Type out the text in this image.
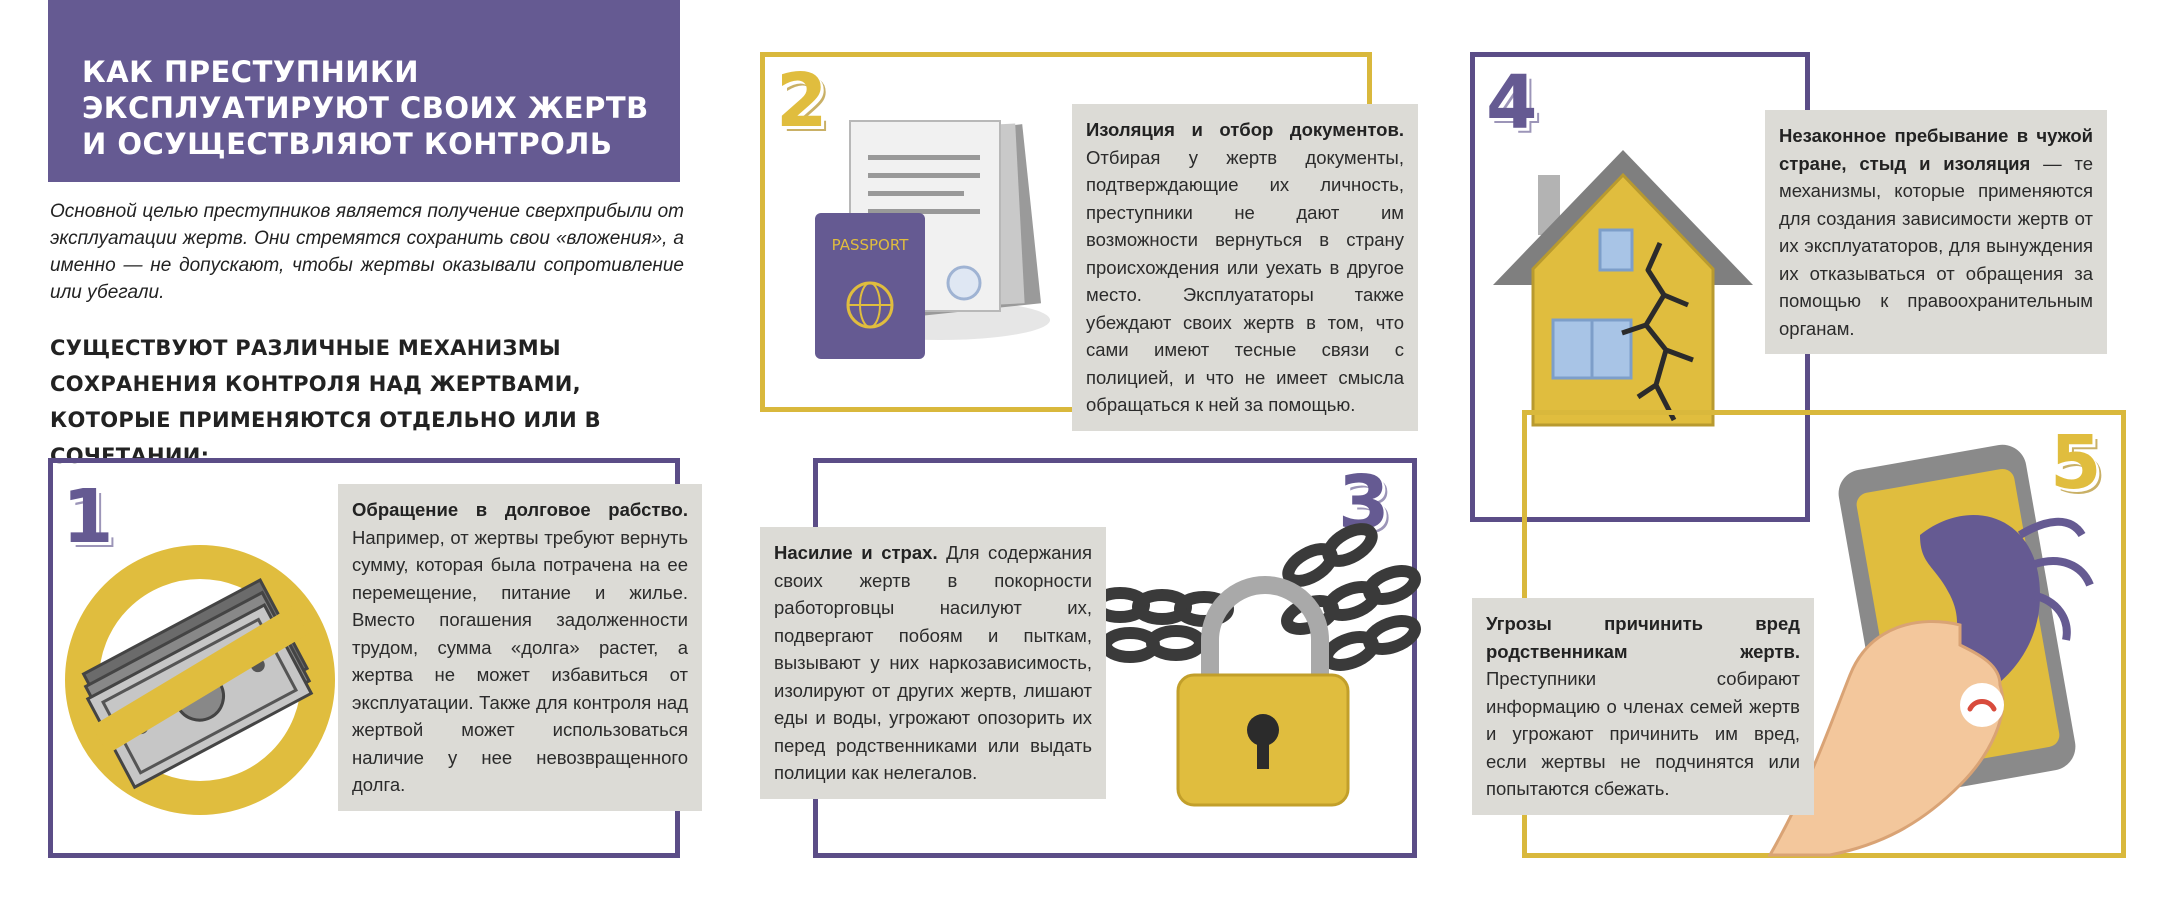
КАК ПРЕСТУПНИКИ
ЭКСПЛУАТИРУЮТ СВОИХ ЖЕРТВ
И ОСУЩЕСТВЛЯЮТ КОНТРОЛЬ
Основной целью преступников является получение сверхприбыли от эксплуатации жертв. Они стремятся сохранить свои «вложения», а именно — не допускают, чтобы жертвы оказывали сопротивление или убегали.
СУЩЕСТВУЮТ РАЗЛИЧНЫЕ МЕХАНИЗМЫ СОХРАНЕНИЯ КОНТРОЛЯ НАД ЖЕРТВАМИ, КОТОРЫЕ ПРИМЕНЯЮТСЯ ОТДЕЛЬНО ИЛИ В СОЧЕТАНИИ:
1	Обращение в долговое рабство. Например, от жертвы требуют вернуть сумму, которая была потрачена на ее перемещение, питание и жилье. Вместо погашения задолженности трудом, сумма «долга» растет, а жертва не может избавиться от эксплуатации. Также для контроля над жертвой может использоваться наличие у нее невозвращенного долга.
2
PASSPORT
Изоляция и отбор документов. Отбирая у жертв документы, подтверждающие их личность, преступники не дают им возможности вернуться в страну происхождения или уехать в другое место. Эксплуататоры также убеждают своих жертв в том, что сами имеют тесные связи с полицией, и что не имеет смысла обращаться к ней за помощью.
3
Насилие и страх. Для содержания своих жертв в покорности работорговцы насилуют их, подвергают побоям и пыткам, вызывают у них наркозависимость, изолируют от других жертв, лишают еды и воды, угрожают опозорить их перед родственниками или выдать полиции как нелегалов.
4	Незаконное пребывание в чужой стране, стыд и изоляция — те механизмы, которые применяются для создания зависимости жертв от их эксплуататоров, для вынуждения их отказываться от обращения за помощью к правоохранительным органам.
5
Угрозы причинить вред родственникам жертв. Преступники собирают информацию о членах семей жертв и угрожают причинить им вред, если жертвы не подчинятся или попытаются сбежать.
